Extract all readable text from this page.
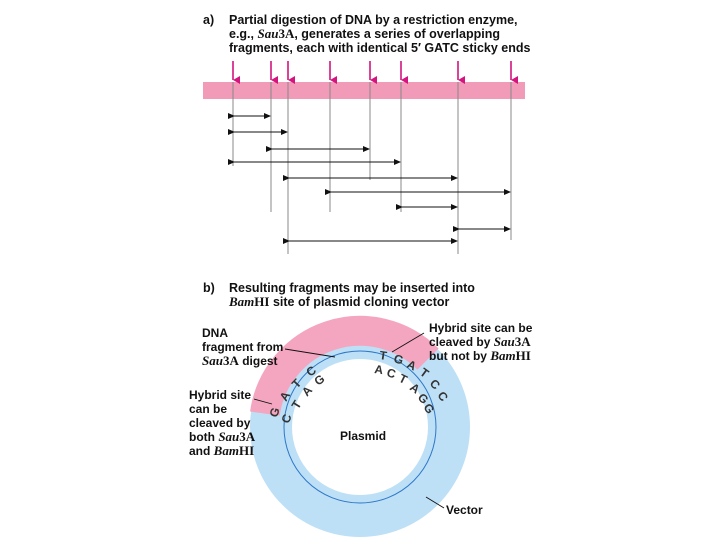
a) Partial digestion of DNA by a restriction enzyme,
e.g., Sau3A, generates a series of overlapping
fragments, each with identical 5′ GATC sticky ends
b) Resulting fragments may be inserted into
BamHI site of plasmid cloning vector
G
A
T
C
C
T
A
G
T G A
T
C
C
A C T
A
G
G
DNA
fragment from
Sau3A digest
Hybrid site can be
cleaved by Sau3A
but not by BamHI
Hybrid site
can be
cleaved by
both Sau3A
and BamHI
Plasmid
Vector
